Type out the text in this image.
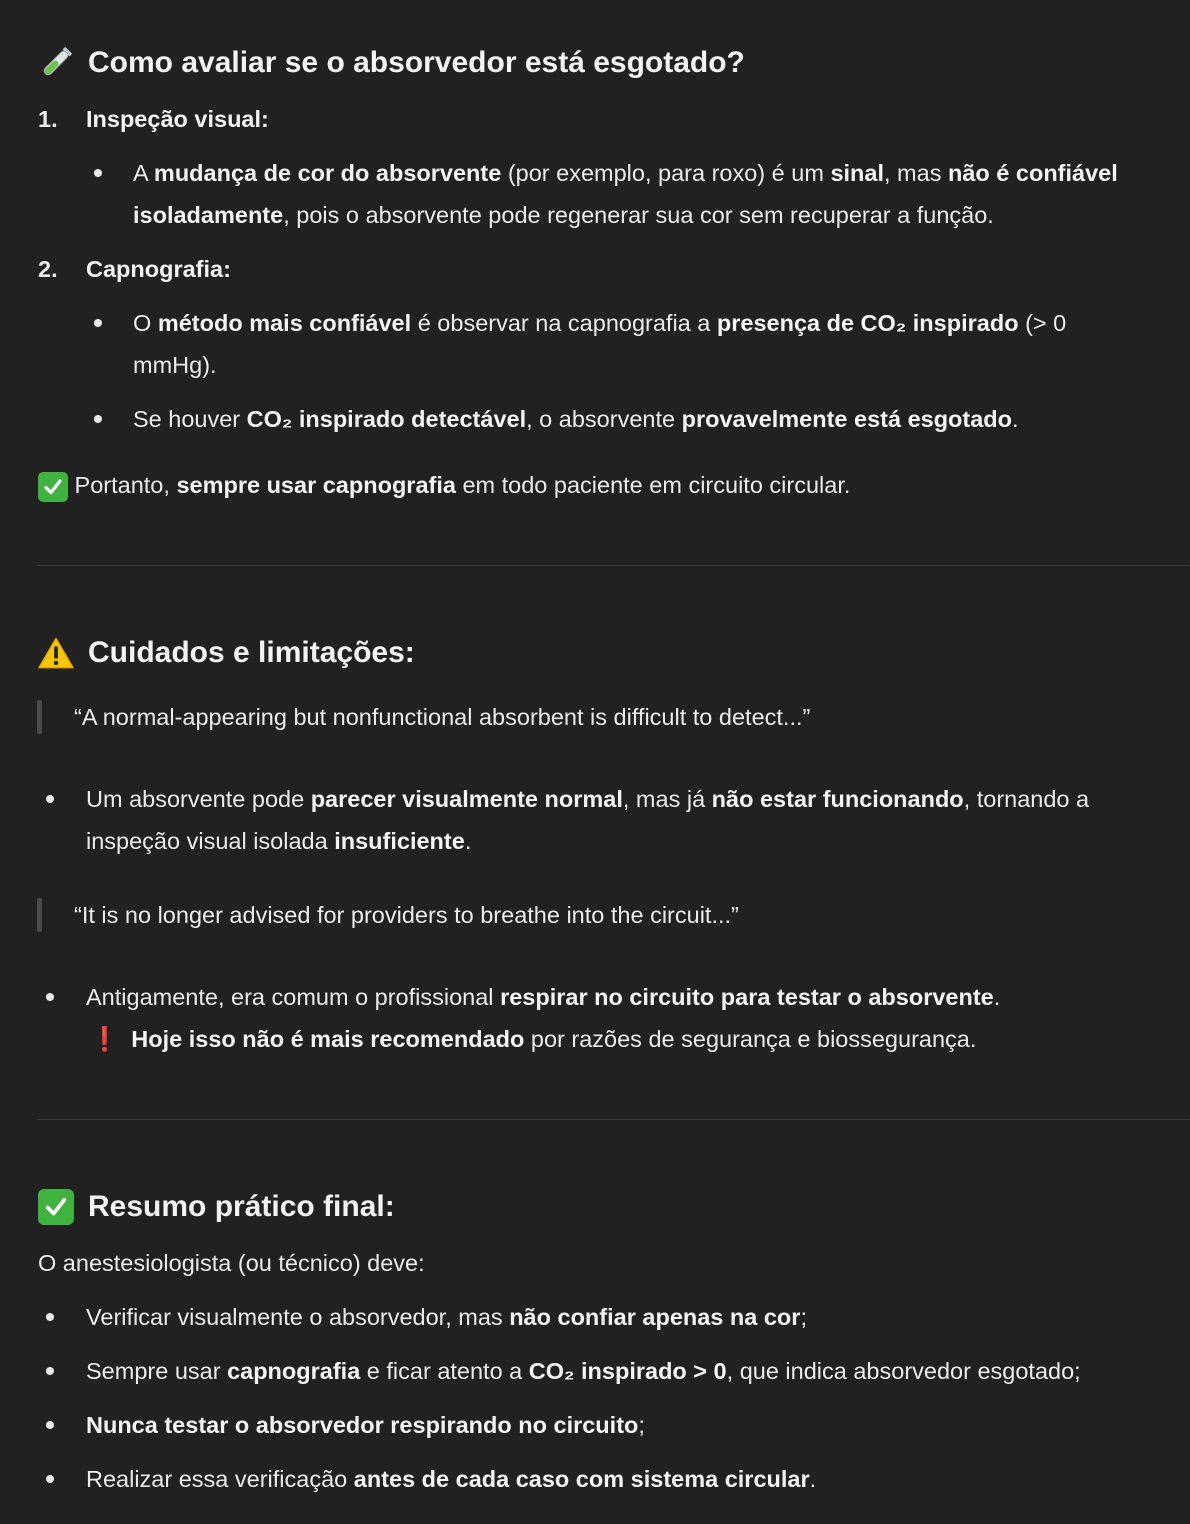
Como avaliar se o absorvedor está esgotado?
1. Inspeção visual:
A mudança de cor do absorvente (por exemplo, para roxo) é um sinal, mas não é confiável
isoladamente, pois o absorvente pode regenerar sua cor sem recuperar a função.
2. Capnografia:
O método mais confiável é observar na capnografia a presença de CO₂ inspirado (> 0
mmHg).
Se houver CO₂ inspirado detectável, o absorvente provavelmente está esgotado.
Portanto, sempre usar capnografia em todo paciente em circuito circular.
Cuidados e limitações:
“A normal-appearing but nonfunctional absorbent is difficult to detect...”
Um absorvente pode parecer visualmente normal, mas já não estar funcionando, tornando a
inspeção visual isolada insuficiente.
“It is no longer advised for providers to breathe into the circuit...”
Antigamente, era comum o profissional respirar no circuito para testar o absorvente.
❗ Hoje isso não é mais recomendado por razões de segurança e biossegurança.
Resumo prático final:
O anestesiologista (ou técnico) deve:
Verificar visualmente o absorvedor, mas não confiar apenas na cor;
Sempre usar capnografia e ficar atento a CO₂ inspirado > 0, que indica absorvedor esgotado;
Nunca testar o absorvedor respirando no circuito;
Realizar essa verificação antes de cada caso com sistema circular.
